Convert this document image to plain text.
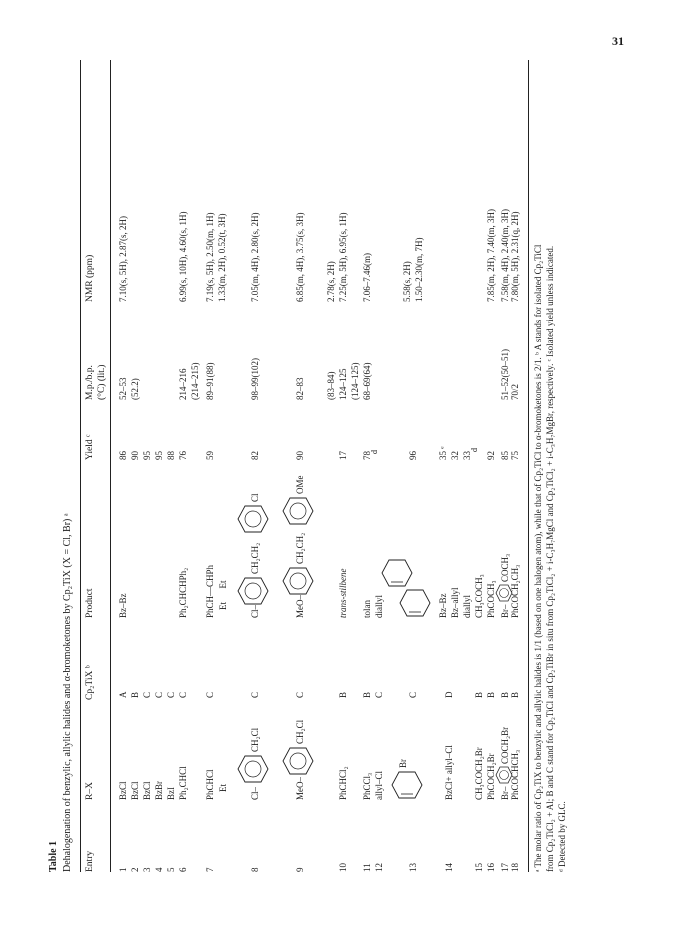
31
Table 1 Dehalogenation of benzylic, allylic halides and α-bromoketones by Cp₂TiX (X = Cl, Br) ᵃ Entry
R–X
Cp₂TiX ᵇ
Product
Yield ᶜ
M.p./b.p. (°C) (lit.)
NMR (ppm)
1
BzCl
A
Bz–Bz
86
52–53
7.10(s, 5H), 2.87(s, 2H)
2
BzCl
B
90
(52.2)
3
BzCl
C
95
4
BzBr
C
95
5
BzI
C
88
6
Ph₂CHCl
C
Ph₂CHCHPh₂
76
214–216 (214–215)
6.99(s, 10H), 4.60(s, 1H)
7
PhCHCl Et
C
PhCH—CHPh Et      Et
59
89–91(88)
7.19(s, 5H), 2.50(m, 1H) 1.33(m, 2H), 0.52(t, 3H)
8
Cl–
CH₂Cl
C
Cl–
CH₂CH₂
Cl
82
98–99(102)
7.05(m, 4H), 2.80(s, 2H)
9
MeO–
CH₂Cl
C
MeO–
CH₂CH₂
OMe
90
82–83
6.85(m, 4H), 3.75(s, 3H)
10
PhCHCl₂
B
trans-stilbene
17
(83–84) 124–125 (124–125)
2.78(s, 2H) 7.25(m, 5H), 6.95(s, 1H)
11
PhCCl₃
B
tolan
78
68–69(64)
7.06–7.46(m)
12
allyl–Cl
C
diallyl
d
13
Br
C
96
5.58(s, 2H) 1.50–2.30(m, 7H)
14
BzCl+ allyl–Cl
D
Bz–Bz Bz–allyl diallyl
35 ᵉ 32 33
15
CH₃COCH₂Br
B
CH₃COCH₃
d
16
PhCOCH₂Br
B
PhCOCH₃
92
7.85(m, 2H), 7.40(m, 3H)	ᵃ The molar ratio of Cp₂TiX to benzylic and allylic halides is 1/1 (based on one halogen atom), while that of Cp₂TiCl to α-bromoketones is 2/1. ᵇ A stands for isolated Cp₂TiCl from Cp₂TiCl₂ + Al; B and C stand for Cp₂TiCl and Cp₂TiBr in situ from Cp₂TiCl₂ + i-C₃H₇MgCl and Cp₂TiCl₂ + i-C₃H₇MgBr, respectively. ᶜ Isolated yield unless indicated. ᵈ Detected by GLC.
17
Br–
COCH₂Br
B
Br–
COCH₃
85
51–52(50–51)
7.58(m, 4H), 2.40(m, 3H)
18
PhCOCHCH₃
B
PhCOCH₂CH₃
75
70/2
7.80(m, 5H), 2.31(q, 2H)
